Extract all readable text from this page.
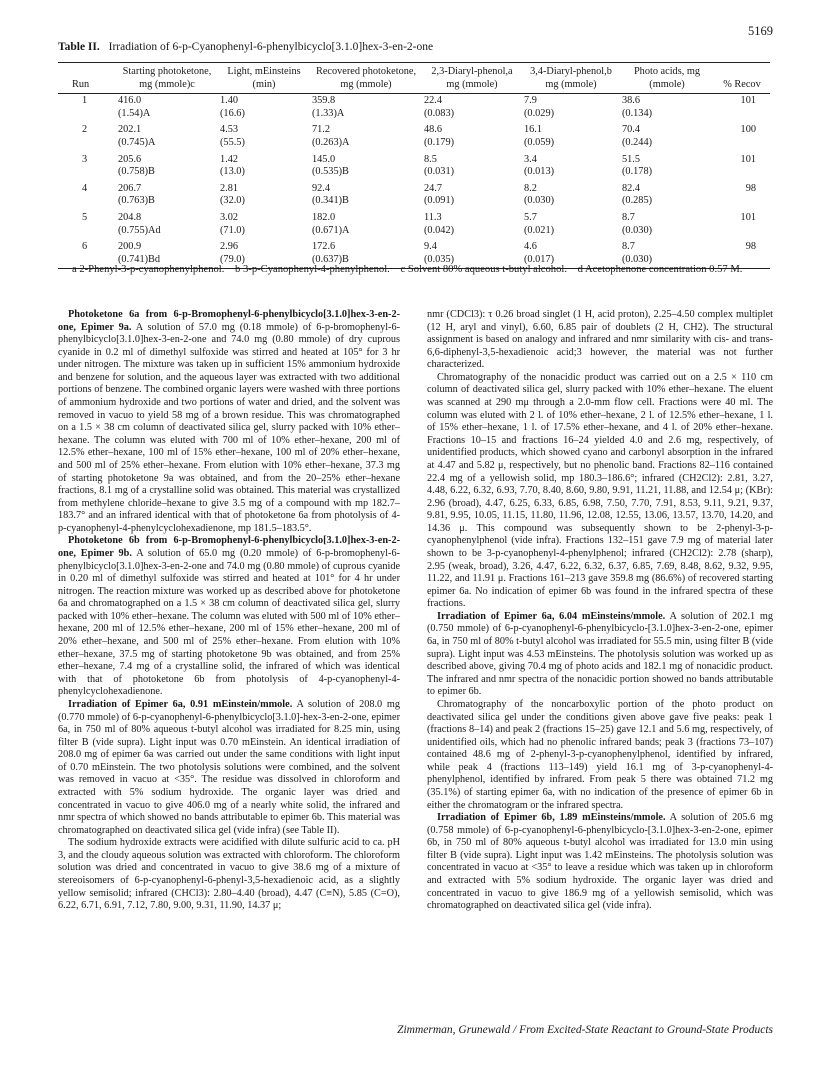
5169
Table II. Irradiation of 6-p-Cyanophenyl-6-phenylbicyclo[3.1.0]hex-3-en-2-one
Run	Starting photoketone, mg (mmole)c	Light, mEinsteins (min)	Recovered photoketone, mg (mmole)	2,3-Diaryl-phenol,a mg (mmole)	3,4-Diaryl-phenol,b mg (mmole)	Photo acids, mg (mmole)	% Recov
1	416.0	1.40	359.8	22.4	7.9	38.6	101
	(1.54)A	(16.6)	(1.33)A	(0.083)	(0.029)	(0.134)	
2	202.1	4.53	71.2	48.6	16.1	70.4	100
	(0.745)A	(55.5)	(0.263)A	(0.179)	(0.059)	(0.244)	
3	205.6	1.42	145.0	8.5	3.4	51.5	101
	(0.758)B	(13.0)	(0.535)B	(0.031)	(0.013)	(0.178)	
4	206.7	2.81	92.4	24.7	8.2	82.4	98
	(0.763)B	(32.0)	(0.341)B	(0.091)	(0.030)	(0.285)	
5	204.8	3.02	182.0	11.3	5.7	8.7	101
	(0.755)Ad	(71.0)	(0.671)A	(0.042)	(0.021)	(0.030)	
6	200.9	2.96	172.6	9.4	4.6	8.7	98
	(0.741)Bd	(79.0)	(0.637)B	(0.035)	(0.017)	(0.030)	
a 2-Phenyl-3-p-cyanophenylphenol. b 3-p-Cyanophenyl-4-phenylphenol. c Solvent 80% aqueous t-butyl alcohol. d Acetophenone concentration 0.57 M.

Photoketone 6a from 6-p-Bromophenyl-6-phenylbicyclo[3.1.0]hex-3-en-2-one, Epimer 9a. A solution of 57.0 mg (0.18 mmole) of 6-p-bromophenyl-6-phenylbicyclo[3.1.0]hex-3-en-2-one and 74.0 mg (0.80 mmole) of dry cuprous cyanide in 0.2 ml of dimethyl sulfoxide was stirred and heated at 105° for 3 hr under nitrogen. The mixture was taken up in sufficient 15% ammonium hydroxide and benzene for solution, and the aqueous layer was extracted with two additional portions of benzene. The combined organic layers were washed with three portions of ammonium hydroxide and two portions of water and dried, and the solvent was removed in vacuo to yield 58 mg of a brown residue. This was chromatographed on a 1.5 × 38 cm column of deactivated silica gel, slurry packed with 10% ether–hexane. The column was eluted with 700 ml of 10% ether–hexane, 200 ml of 12.5% ether–hexane, 100 ml of 15% ether–hexane, 100 ml of 20% ether–hexane, and 500 ml of 25% ether–hexane. From elution with 10% ether–hexane, 37.3 mg of starting photoketone 9a was obtained, and from the 20–25% ether–hexane fractions, 8.1 mg of a crystalline solid was obtained. This material was crystallized from methylene chloride–hexane to give 3.5 mg of a compound with mp 182.7–183.7° and an infrared identical with that of photoketone 6a from photolysis of 4-p-cyanophenyl-4-phenylcyclohexadienone, mp 181.5–183.5°.

Photoketone 6b from 6-p-Bromophenyl-6-phenylbicyclo[3.1.0]hex-3-en-2-one, Epimer 9b. A solution of 65.0 mg (0.20 mmole) of 6-p-bromophenyl-6-phenylbicyclo[3.1.0]hex-3-en-2-one and 74.0 mg (0.80 mmole) of cuprous cyanide in 0.20 ml of dimethyl sulfoxide was stirred and heated at 101° for 4 hr under nitrogen. The reaction mixture was worked up as described above for photoketone 6a and chromatographed on a 1.5 × 38 cm column of deactivated silica gel, slurry packed with 10% ether–hexane. The column was eluted with 500 ml of 10% ether–hexane, 200 ml of 12.5% ether–hexane, 200 ml of 15% ether–hexane, 200 ml of 20% ether–hexane, and 500 ml of 25% ether–hexane. From elution with 10% ether–hexane, 37.5 mg of starting photoketone 9b was obtained, and from 25% ether–hexane, 7.4 mg of a crystalline solid, the infrared of which was identical with that of photoketone 6b from photolysis of 4-p-cyanophenyl-4-phenylcyclohexadienone.

Irradiation of Epimer 6a, 0.91 mEinstein/mmole. A solution of 208.0 mg (0.770 mmole) of 6-p-cyanophenyl-6-phenylbicyclo[3.1.0]-hex-3-en-2-one, epimer 6a, in 750 ml of 80% aqueous t-butyl alcohol was irradiated for 8.25 min, using filter B (vide supra). Light input was 0.70 mEinstein. An identical irradiation of 208.0 mg of epimer 6a was carried out under the same conditions with light input of 0.70 mEinstein. The two photolysis solutions were combined, and the solvent was removed in vacuo at <35°. The residue was dissolved in chloroform and extracted with 5% sodium hydroxide. The organic layer was dried and concentrated in vacuo to give 406.0 mg of a nearly white solid, the infrared and nmr spectra of which showed no bands attributable to epimer 6b. This material was chromatographed on deactivated silica gel (vide infra) (see Table II).

The sodium hydroxide extracts were acidified with dilute sulfuric acid to ca. pH 3, and the cloudy aqueous solution was extracted with chloroform. The chloroform solution was dried and concentrated in vacuo to give 38.6 mg of a mixture of stereoisomers of 6-p-cyanophenyl-6-phenyl-3,5-hexadienoic acid, as a slightly yellow semisolid; infrared (CHCl3): 2.80–4.40 (broad), 4.47 (C≡N), 5.85 (C=O), 6.22, 6.71, 6.91, 7.12, 7.80, 9.00, 9.31, 11.90, 14.37 μ;

nmr (CDCl3): τ 0.26 broad singlet (1 H, acid proton), 2.25–4.50 complex multiplet (12 H, aryl and vinyl), 6.60, 6.85 pair of doublets (2 H, CH2). The structural assignment is based on analogy and infrared and nmr similarity with cis- and trans-6,6-diphenyl-3,5-hexadienoic acid;3 however, the material was not further characterized.

Chromatography of the nonacidic product was carried out on a 2.5 × 110 cm column of deactivated silica gel, slurry packed with 10% ether–hexane. The eluent was scanned at 290 mμ through a 2.0-mm flow cell. Fractions were 40 ml. The column was eluted with 2 l. of 10% ether–hexane, 2 l. of 12.5% ether–hexane, 1 l. of 15% ether–hexane, 1 l. of 17.5% ether–hexane, and 4 l. of 20% ether–hexane. Fractions 10–15 and fractions 16–24 yielded 4.0 and 2.6 mg, respectively, of unidentified products, which showed cyano and carbonyl absorption in the infrared at 4.47 and 5.82 μ, respectively, but no phenolic band. Fractions 82–116 contained 22.4 mg of a yellowish solid, mp 180.3–186.6°; infrared (CH2Cl2): 2.81, 3.27, 4.48, 6.22, 6.32, 6.93, 7.70, 8.40, 8.60, 9.80, 9.91, 11.21, 11.88, and 12.54 μ; (KBr): 2.96 (broad), 4.47, 6.25, 6.33, 6.85, 6.98, 7.50, 7.70, 7.91, 8.53, 9.11, 9.21, 9.37, 9.81, 9.95, 10.05, 11.15, 11.80, 11.96, 12.08, 12.55, 13.06, 13.57, 13.70, 14.20, and 14.36 μ. This compound was subsequently shown to be 2-phenyl-3-p-cyanophenylphenol (vide infra). Fractions 132–151 gave 7.9 mg of material later shown to be 3-p-cyanophenyl-4-phenylphenol; infrared (CH2Cl2): 2.78 (sharp), 2.95 (weak, broad), 3.26, 4.47, 6.22, 6.32, 6.37, 6.85, 7.69, 8.48, 8.62, 9.32, 9.95, 11.22, and 11.91 μ. Fractions 161–213 gave 359.8 mg (86.6%) of recovered starting epimer 6a. No indication of epimer 6b was found in the infrared spectra of these fractions.

Irradiation of Epimer 6a, 6.04 mEinsteins/mmole. A solution of 202.1 mg (0.750 mmole) of 6-p-cyanophenyl-6-phenylbicyclo-[3.1.0]hex-3-en-2-one, epimer 6a, in 750 ml of 80% t-butyl alcohol was irradiated for 55.5 min, using filter B (vide supra). Light input was 4.53 mEinsteins. The photolysis solution was worked up as described above, giving 70.4 mg of photo acids and 182.1 mg of nonacidic product. The infrared and nmr spectra of the nonacidic portion showed no bands attributable to epimer 6b.

Chromatography of the noncarboxylic portion of the photo product on deactivated silica gel under the conditions given above gave five peaks: peak 1 (fractions 8–14) and peak 2 (fractions 15–25) gave 12.1 and 5.6 mg, respectively, of unidentified oils, which had no phenolic infrared bands; peak 3 (fractions 73–107) contained 48.6 mg of 2-phenyl-3-p-cyanophenylphenol, identified by infrared, while peak 4 (fractions 113–149) yield 16.1 mg of 3-p-cyanophenyl-4-phenylphenol, identified by infrared. From peak 5 there was obtained 71.2 mg (35.1%) of starting epimer 6a, with no indication of the presence of epimer 6b in either the chromatogram or the infrared spectra.

Irradiation of Epimer 6b, 1.89 mEinsteins/mmole. A solution of 205.6 mg (0.758 mmole) of 6-p-cyanophenyl-6-phenylbicyclo-[3.1.0]hex-3-en-2-one, epimer 6b, in 750 ml of 80% aqueous t-butyl alcohol was irradiated for 13.0 min using filter B (vide supra). Light input was 1.42 mEinsteins. The photolysis solution was concentrated in vacuo at <35° to leave a residue which was taken up in chloroform and extracted with 5% sodium hydroxide. The organic layer was dried and concentrated in vacuo to give 186.9 mg of a yellowish semisolid, which was chromatographed on deactivated silica gel (vide infra).

Zimmerman, Grunewald / From Excited-State Reactant to Ground-State Products
